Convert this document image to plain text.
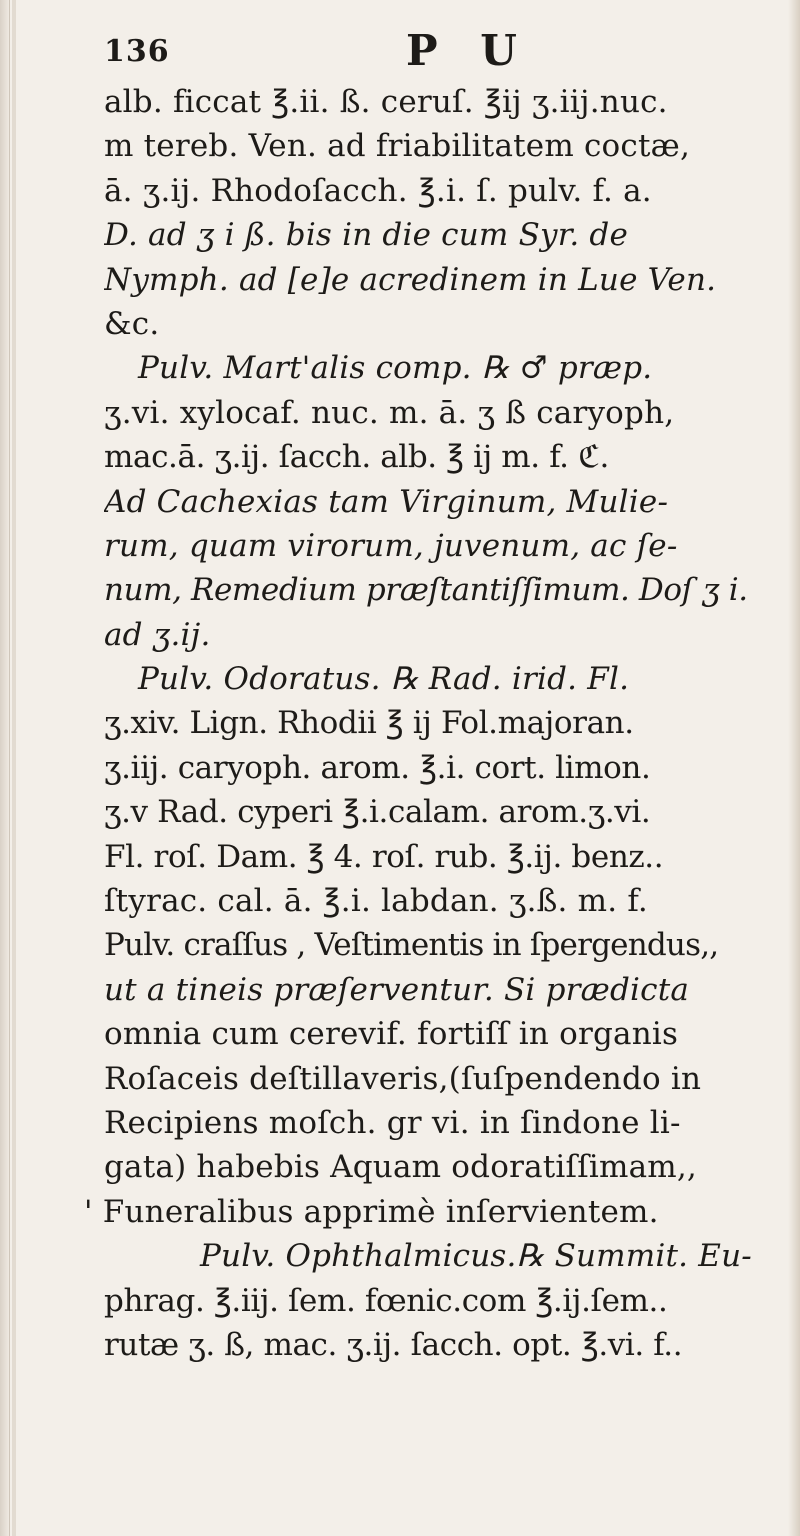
136	P U
alb. ficcat ℥.ii. ß. ceruſ. ℥ij ʒ.iij.nuc.
m tereb. Ven. ad friabilitatem coctæ,
ā. ʒ.ij. Rhodoſacch. ℥.i. ſ. pulv. f. a.
D. ad ʒ i ß. bis in die cum Syr. de
Nymph. ad [e]e acredinem in Lue Ven.
&c.
Pulv. Mart'alis comp. ℞ ♂ præp.
ʒ.vi. xylocaf. nuc. m. ā. ʒ ß caryoph,
mac.ā. ʒ.ij. ſacch. alb. ℥ ij m. f. ℭ.
Ad Cachexias tam Virginum, Mulie-
rum, quam virorum, juvenum, ac ſe-
num, Remedium præſtantiſſimum. Doſ ʒ i.
ad ʒ.ij.
Pulv. Odoratus. ℞ Rad. irid. Fl.
ʒ.xiv. Lign. Rhodii ℥ ij Fol.majoran.
ʒ.iij. caryoph. arom. ℥.i. cort. limon.
ʒ.v Rad. cyperi ℥.i.calam. arom.ʒ.vi.
Fl. roſ. Dam. ℥ 4. roſ. rub. ℥.ij. benz..
ſtyrac. cal. ā. ℥.i. labdan. ʒ.ß. m. f.
Pulv. craſſus , Veſtimentis in ſpergendus,,
ut a tineis præſerventur. Si prædicta
omnia cum cerevif. fortiſſ in organis
Roſaceis deſtillaveris,(ſuſpendendo in
Recipiens moſch. gr vi. in ſindone li-
gata) habebis Aquam odoratiſſimam,,
' Funeralibus apprimè inſervientem.
Pulv. Ophthalmicus.℞ Summit. Eu-
phrag. ℥.iij. ſem. fœnic.com ℥.ij.ſem..
rutæ ʒ. ß, mac. ʒ.ij. ſacch. opt. ℥.vi. f..
